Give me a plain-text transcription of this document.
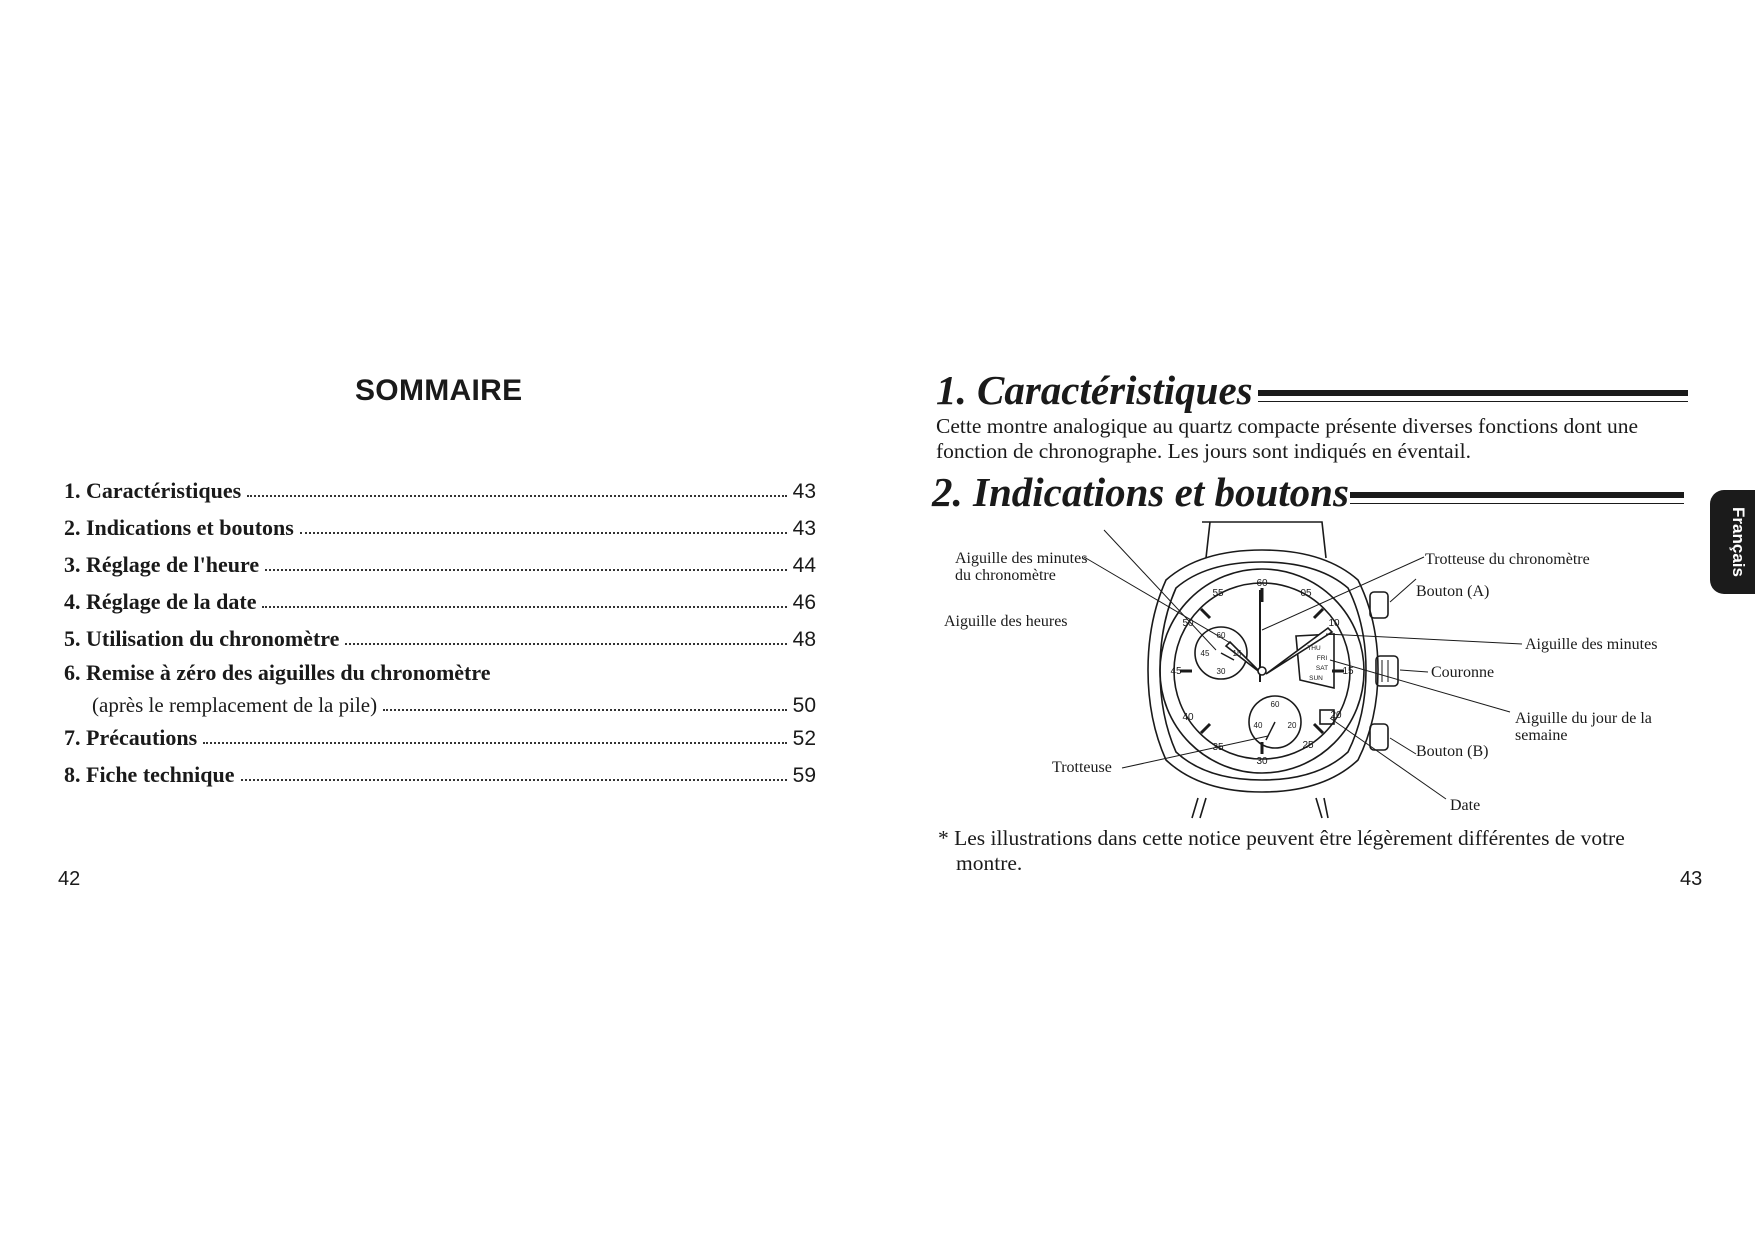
SOMMAIRE
1. Caractéristiques	43
2. Indications et boutons	43
3. Réglage de l'heure	44
4. Réglage de la date	46
5. Utilisation du chronomètre	48
6. Remise à zéro des aiguilles du chronomètre
(après le remplacement de la pile)	50
7. Précautions	52
8. Fiche technique	59
42
1. Caractéristiques
Cette montre analogique au quartz compacte présente diverses fonctions dont une
fonction de chronographe. Les jours sont indiqués en éventail.
2. Indications et boutons
Français
60
05
10
15
20
25
30
35
40
45
50
55
60
15
30
45
60
20
40
THU
FRI
SAT
SUN
Aiguille des minutes
du chronomètre
Aiguille des heures
Trotteuse
Trotteuse du chronomètre
Bouton (A)
Aiguille des minutes
Couronne
Aiguille du jour de la
semaine
Bouton (B)
Date
* Les illustrations dans cette notice peuvent être légèrement différentes de votre
montre.
43
